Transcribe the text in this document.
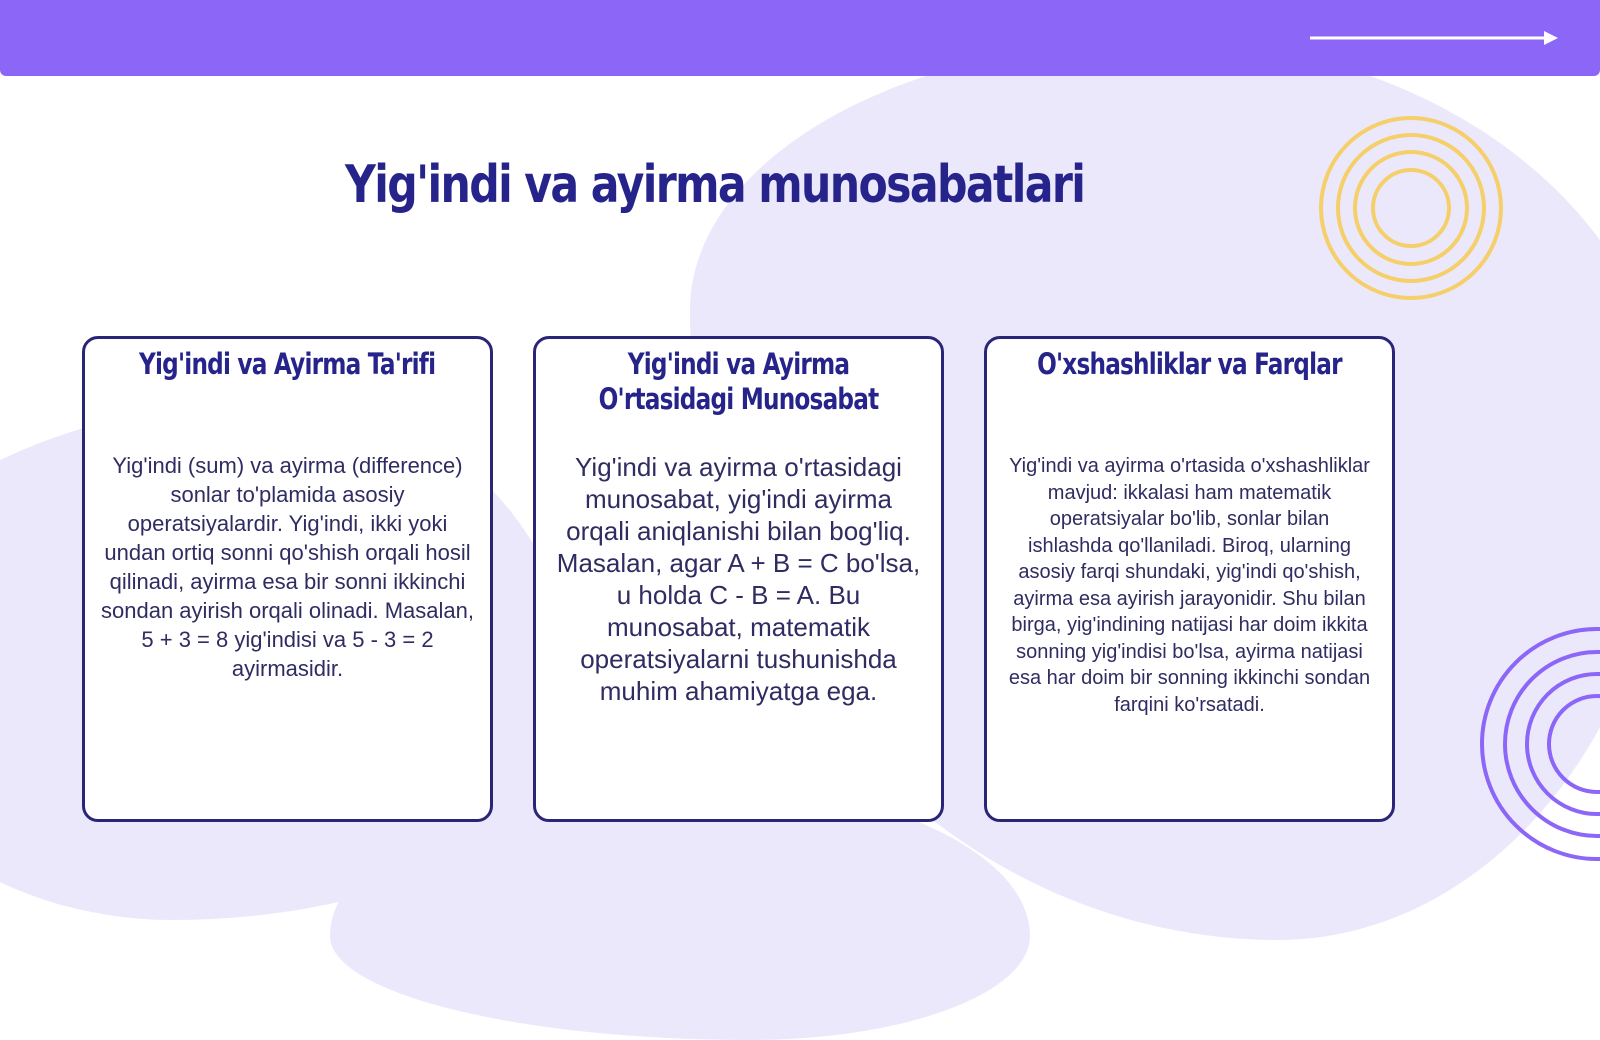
Yig'indi va ayirma munosabatlari
Yig'indi va Ayirma Ta'rifi

Yig'indi (sum) va ayirma (difference) sonlar to'plamida asosiy operatsiyalardir. Yig'indi, ikki yoki undan ortiq sonni qo'shish orqali hosil qilinadi, ayirma esa bir sonni ikkinchi sondan ayirish orqali olinadi. Masalan, 5 + 3 = 8 yig'indisi va 5 - 3 = 2 ayirmasidir.

Yig'indi va Ayirma O'rtasidagi Munosabat

Yig'indi va ayirma o'rtasidagi munosabat, yig'indi ayirma orqali aniqlanishi bilan bog'liq. Masalan, agar A + B = C bo'lsa, u holda C - B = A. Bu munosabat, matematik operatsiyalarni tushunishda muhim ahamiyatga ega.

O'xshashliklar va Farqlar

Yig'indi va ayirma o'rtasida o'xshashliklar mavjud: ikkalasi ham matematik operatsiyalar bo'lib, sonlar bilan ishlashda qo'llaniladi. Biroq, ularning asosiy farqi shundaki, yig'indi qo'shish, ayirma esa ayirish jarayonidir. Shu bilan birga, yig'indining natijasi har doim ikkita sonning yig'indisi bo'lsa, ayirma natijasi esa har doim bir sonning ikkinchi sondan farqini ko'rsatadi.
